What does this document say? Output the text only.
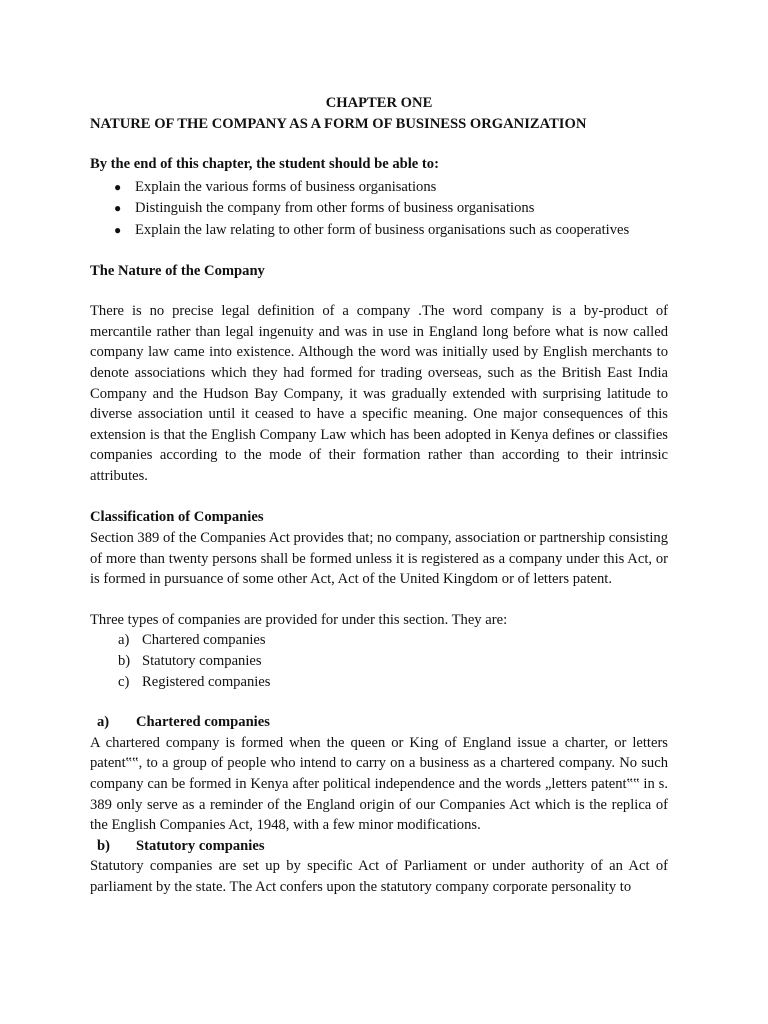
CHAPTER ONE

NATURE OF THE COMPANY AS A FORM OF BUSINESS ORGANIZATION

By the end of this chapter, the student should be able to:

● Explain the various forms of business organisations
● Distinguish the company from other forms of business organisations
● Explain the law relating to other form of business organisations such as cooperatives

The Nature of the Company

There is no precise legal definition of a company .The word company is a by-product of mercantile rather than legal ingenuity and was in use in England long before what is now called company law came into existence. Although the word was initially used by English merchants to denote associations which they had formed for trading overseas, such as the British East India Company and the Hudson Bay Company, it was gradually extended with surprising latitude to diverse association until it ceased to have a specific meaning. One major consequences of this extension is that the English Company Law which has been adopted in Kenya defines or classifies companies according to the mode of their formation rather than according to their intrinsic attributes.

Classification of Companies

Section 389 of the Companies Act provides that; no company, association or partnership consisting of more than twenty persons shall be formed unless it is registered as a company under this Act, or is formed in pursuance of some other Act, Act of the United Kingdom or of letters patent.

Three types of companies are provided for under this section. They are:

a) Chartered companies
b) Statutory companies
c) Registered companies

a) Chartered companies

A chartered company is formed when the queen or King of England issue a charter, or letters patent‟‟, to a group of people who intend to carry on a business as a chartered company. No such company can be formed in Kenya after political independence and the words „letters patent‟‟ in s. 389 only serve as a reminder of the England origin of our Companies Act which is the replica of the English Companies Act, 1948, with a few minor modifications.

b) Statutory companies

Statutory companies are set up by specific Act of Parliament or under authority of an Act of parliament by the state. The Act confers upon the statutory company corporate personality to
